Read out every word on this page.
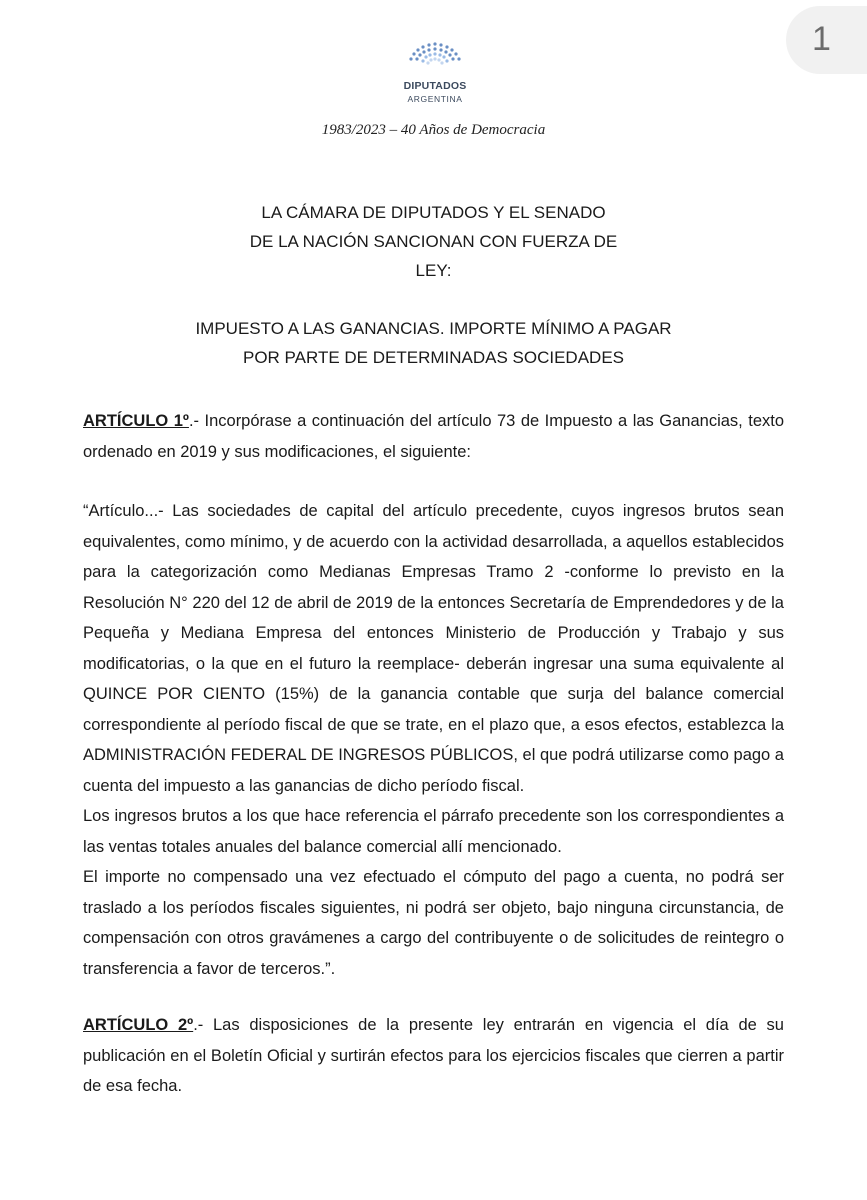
1
DIPUTADOS
ARGENTINA
1983/2023 – 40 Años de Democracia
LA CÁMARA DE DIPUTADOS Y EL SENADO
DE LA NACIÓN SANCIONAN CON FUERZA DE
LEY:
IMPUESTO A LAS GANANCIAS. IMPORTE MÍNIMO A PAGAR
POR PARTE DE DETERMINADAS SOCIEDADES
ARTÍCULO 1º.- Incorpórase a continuación del artículo 73 de Impuesto a las Ganancias, texto ordenado en 2019 y sus modificaciones, el siguiente:
“Artículo...- Las sociedades de capital del artículo precedente, cuyos ingresos brutos sean equivalentes, como mínimo, y de acuerdo con la actividad desarrollada, a aquellos establecidos para la categorización como Medianas Empresas Tramo 2 -conforme lo previsto en la Resolución N° 220 del 12 de abril de 2019 de la entonces Secretaría de Emprendedores y de la Pequeña y Mediana Empresa del entonces Ministerio de Producción y Trabajo y sus modificatorias, o la que en el futuro la reemplace- deberán ingresar una suma equivalente al QUINCE POR CIENTO (15%) de la ganancia contable que surja del balance comercial correspondiente al período fiscal de que se trate, en el plazo que, a esos efectos, establezca la ADMINISTRACIÓN FEDERAL DE INGRESOS PÚBLICOS, el que podrá utilizarse como pago a cuenta del impuesto a las ganancias de dicho período fiscal.
Los ingresos brutos a los que hace referencia el párrafo precedente son los correspondientes a las ventas totales anuales del balance comercial allí mencionado.
El importe no compensado una vez efectuado el cómputo del pago a cuenta, no podrá ser traslado a los períodos fiscales siguientes, ni podrá ser objeto, bajo ninguna circunstancia, de compensación con otros gravámenes a cargo del contribuyente o de solicitudes de reintegro o transferencia a favor de terceros.”.
ARTÍCULO 2º.- Las disposiciones de la presente ley entrarán en vigencia el día de su publicación en el Boletín Oficial y surtirán efectos para los ejercicios fiscales que cierren a partir de esa fecha.
